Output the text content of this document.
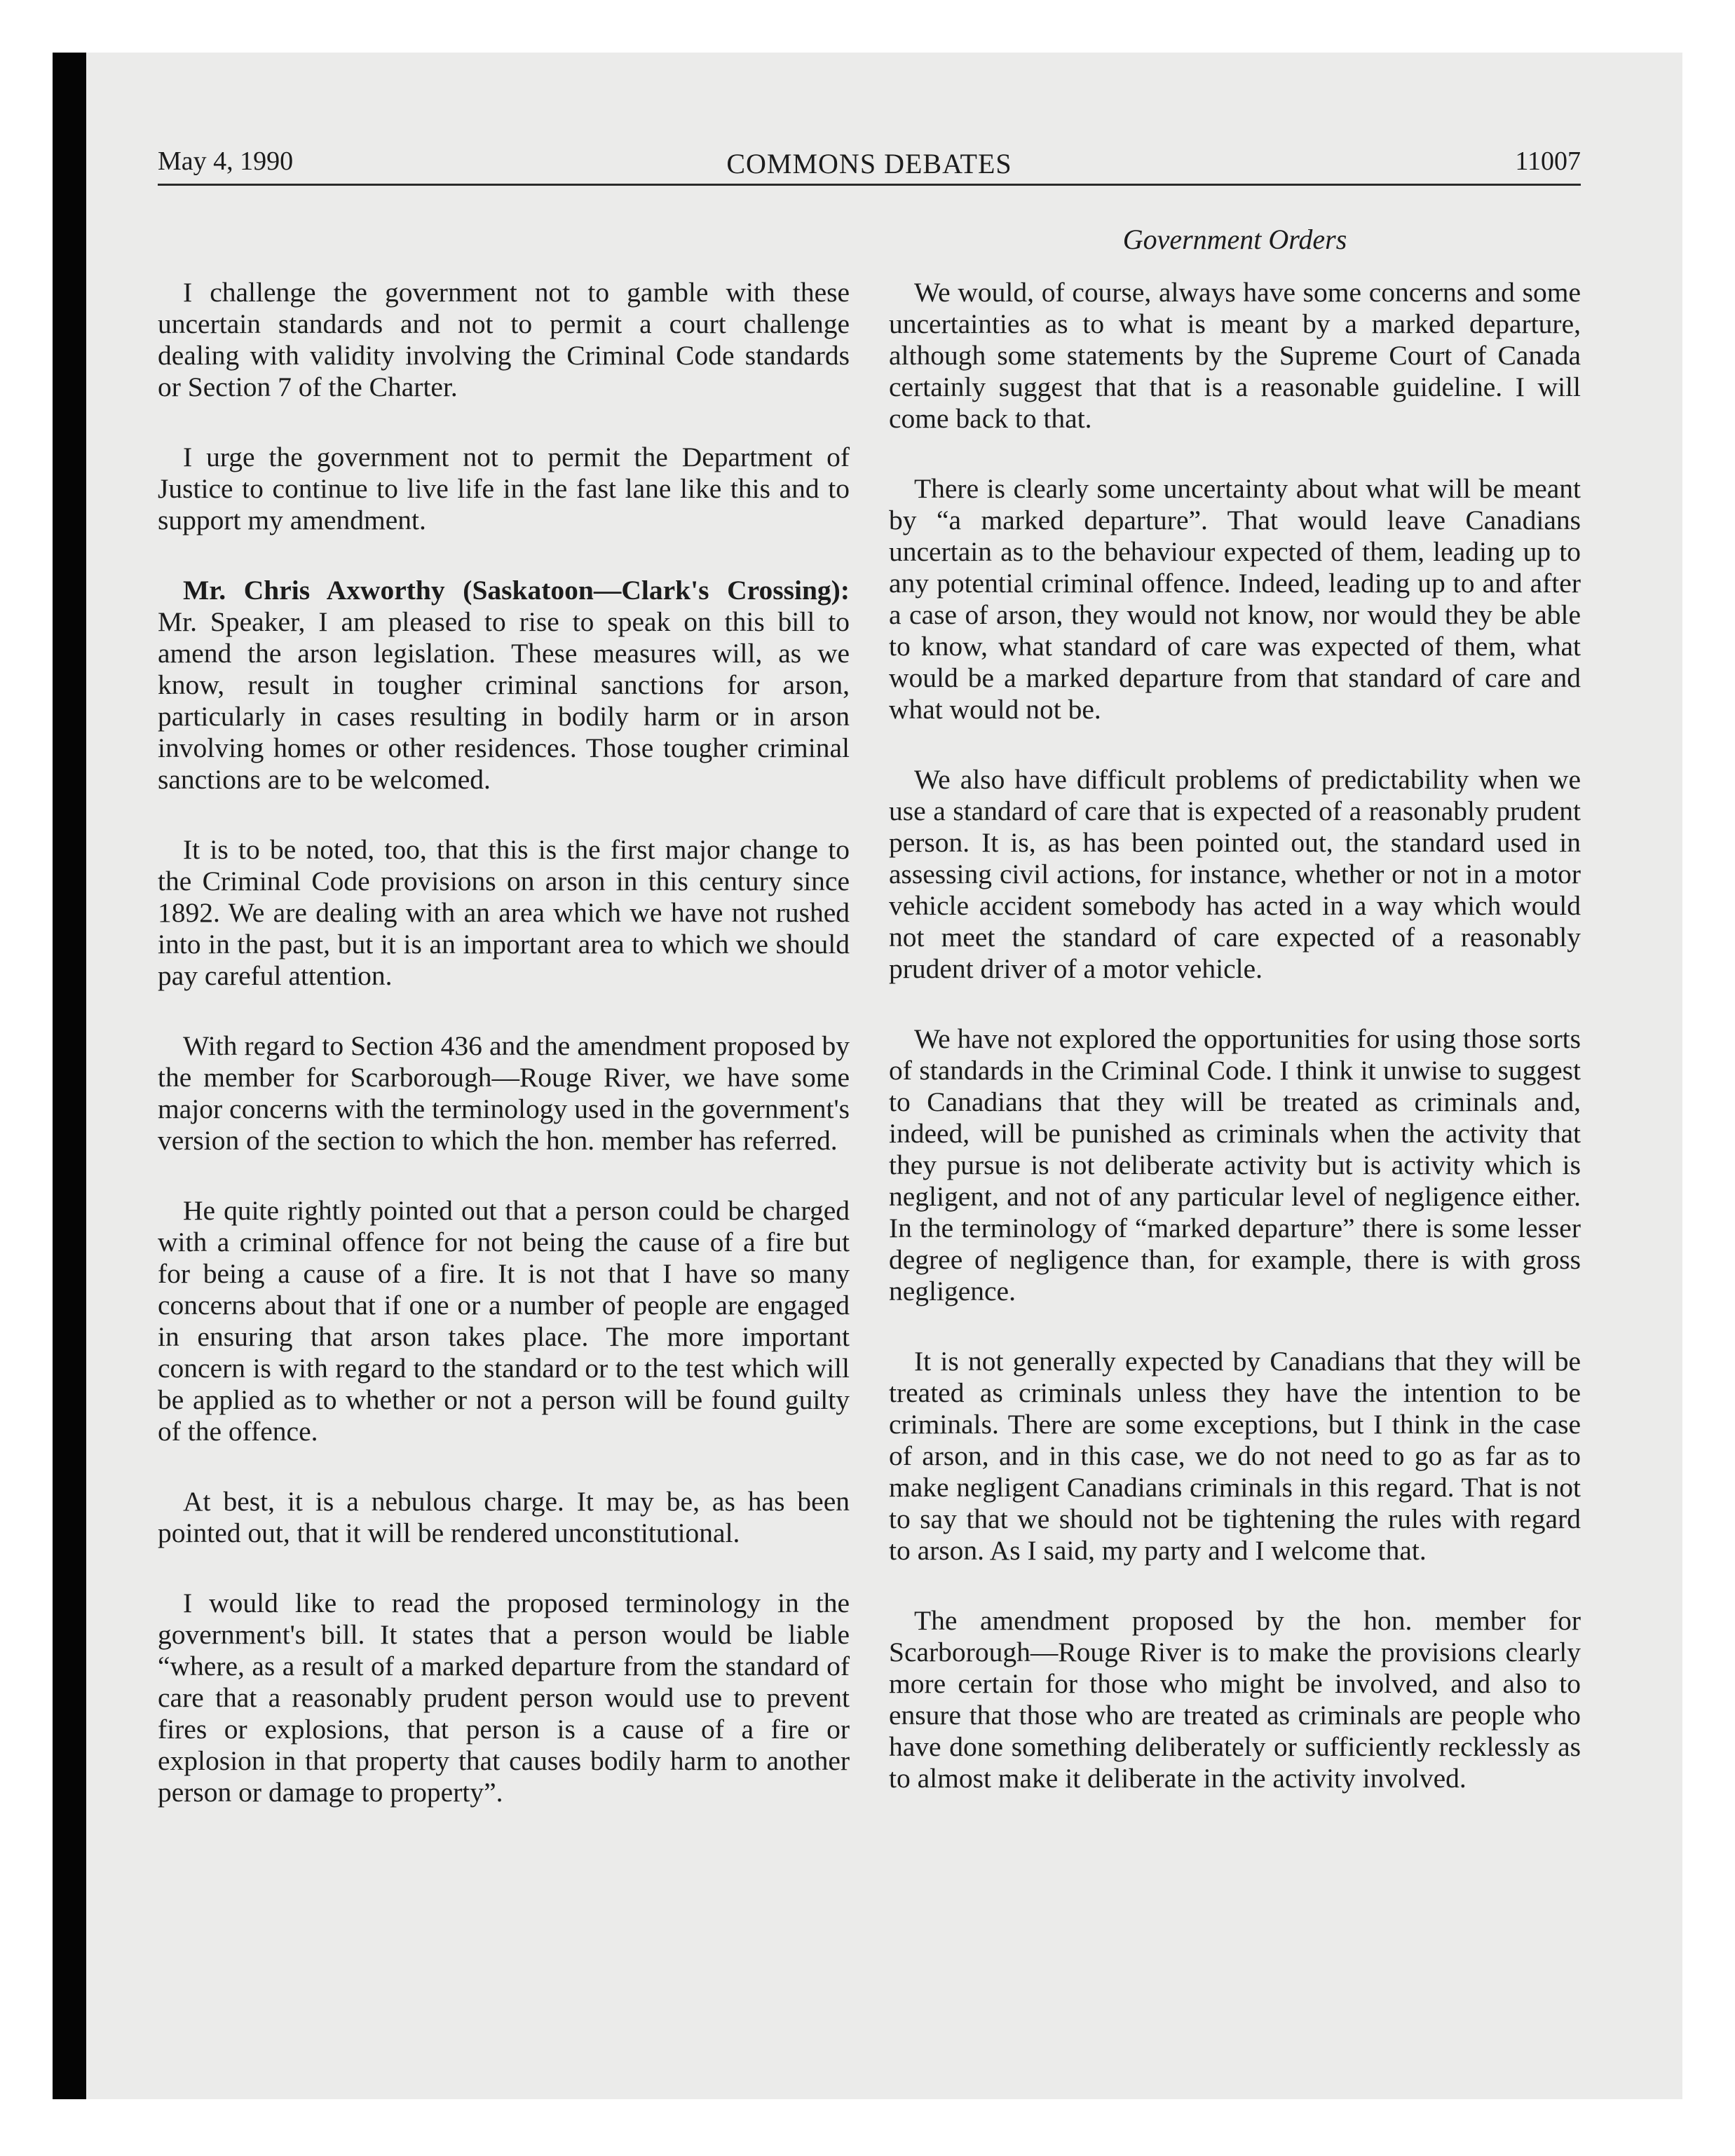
May 4, 1990	COMMONS DEBATES	11007
Government Orders

I challenge the government not to gamble with these uncertain standards and not to permit a court challenge dealing with validity involving the Criminal Code standards or Section 7 of the Charter.

I urge the government not to permit the Department of Justice to continue to live life in the fast lane like this and to support my amendment.

Mr. Chris Axworthy (Saskatoon—Clark's Crossing): Mr. Speaker, I am pleased to rise to speak on this bill to amend the arson legislation. These measures will, as we know, result in tougher criminal sanctions for arson, particularly in cases resulting in bodily harm or in arson involving homes or other residences. Those tougher criminal sanctions are to be welcomed.

It is to be noted, too, that this is the first major change to the Criminal Code provisions on arson in this century since 1892. We are dealing with an area which we have not rushed into in the past, but it is an important area to which we should pay careful attention.

With regard to Section 436 and the amendment proposed by the member for Scarborough—Rouge River, we have some major concerns with the terminology used in the government's version of the section to which the hon. member has referred.

He quite rightly pointed out that a person could be charged with a criminal offence for not being the cause of a fire but for being a cause of a fire. It is not that I have so many concerns about that if one or a number of people are engaged in ensuring that arson takes place. The more important concern is with regard to the standard or to the test which will be applied as to whether or not a person will be found guilty of the offence.

At best, it is a nebulous charge. It may be, as has been pointed out, that it will be rendered unconstitutional.

I would like to read the proposed terminology in the government's bill. It states that a person would be liable “where, as a result of a marked departure from the standard of care that a reasonably prudent person would use to prevent fires or explosions, that person is a cause of a fire or explosion in that property that causes bodily harm to another person or damage to property”.

We would, of course, always have some concerns and some uncertainties as to what is meant by a marked departure, although some statements by the Supreme Court of Canada certainly suggest that that is a reasonable guideline. I will come back to that.

There is clearly some uncertainty about what will be meant by “a marked departure”. That would leave Canadians uncertain as to the behaviour expected of them, leading up to any potential criminal offence. Indeed, leading up to and after a case of arson, they would not know, nor would they be able to know, what standard of care was expected of them, what would be a marked departure from that standard of care and what would not be.

We also have difficult problems of predictability when we use a standard of care that is expected of a reasonably prudent person. It is, as has been pointed out, the standard used in assessing civil actions, for instance, whether or not in a motor vehicle accident somebody has acted in a way which would not meet the standard of care expected of a reasonably prudent driver of a motor vehicle.

We have not explored the opportunities for using those sorts of standards in the Criminal Code. I think it unwise to suggest to Canadians that they will be treated as criminals and, indeed, will be punished as criminals when the activity that they pursue is not deliberate activity but is activity which is negligent, and not of any particular level of negligence either. In the terminology of “marked departure” there is some lesser degree of negligence than, for example, there is with gross negligence.

It is not generally expected by Canadians that they will be treated as criminals unless they have the intention to be criminals. There are some exceptions, but I think in the case of arson, and in this case, we do not need to go as far as to make negligent Canadians criminals in this regard. That is not to say that we should not be tightening the rules with regard to arson. As I said, my party and I welcome that.

The amendment proposed by the hon. member for Scarborough—Rouge River is to make the provisions clearly more certain for those who might be involved, and also to ensure that those who are treated as criminals are people who have done something deliberately or sufficiently recklessly as to almost make it deliberate in the activity involved.
